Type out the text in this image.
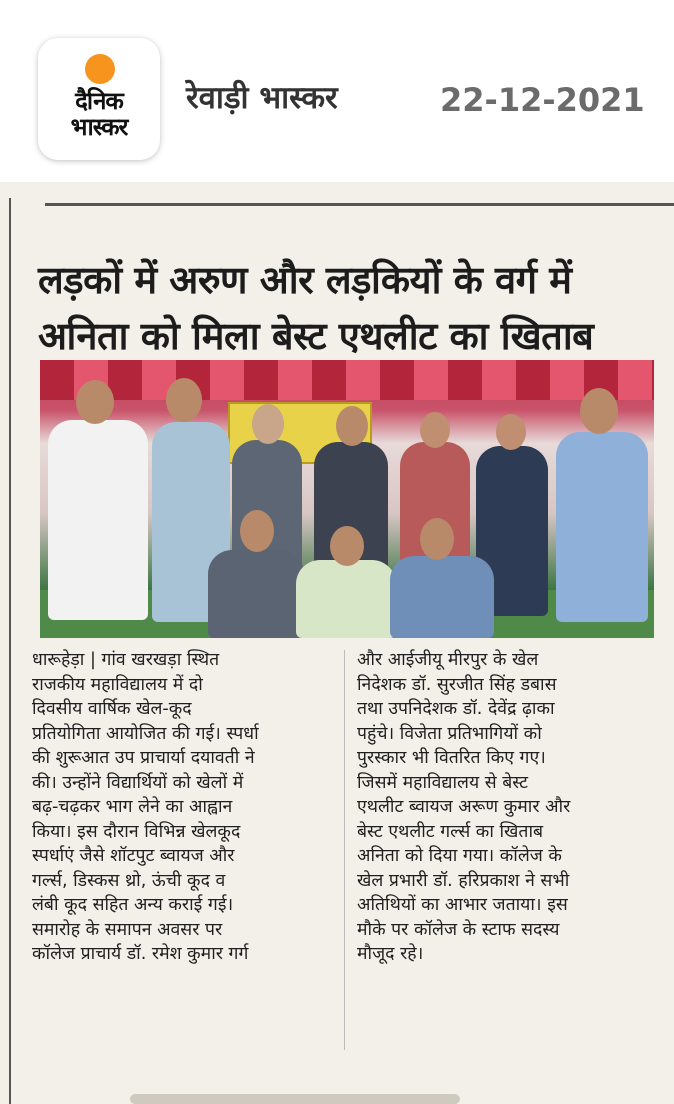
दैनिक
भास्कर
रेवाड़ी भास्कर	22-12-2021
लड़कों में अरुण और लड़कियों के वर्ग में
अनिता को मिला बेस्ट एथलीट का खिताब
धारूहेड़ा | गांव खरखड़ा स्थित
राजकीय महाविद्यालय में दो
दिवसीय वार्षिक खेल-कूद
प्रतियोगिता आयोजित की गई। स्पर्धा
की शुरूआत उप प्राचार्या दयावती ने
की। उन्होंने विद्यार्थियों को खेलों में
बढ़-चढ़कर भाग लेने का आह्वान
किया। इस दौरान विभिन्न खेलकूद
स्पर्धाएं जैसे शॉटपुट ब्वायज और
गर्ल्स, डिस्कस थ्रो, ऊंची कूद व
लंबी कूद सहित अन्य कराई गई।
समारोह के समापन अवसर पर
कॉलेज प्राचार्य डॉ. रमेश कुमार गर्ग
और आईजीयू मीरपुर के खेल
निदेशक डॉ. सुरजीत सिंह डबास
तथा उपनिदेशक डॉ. देवेंद्र ढ़ाका
पहुंचे। विजेता प्रतिभागियों को
पुरस्कार भी वितरित किए गए।
जिसमें महाविद्यालय से बेस्ट
एथलीट ब्वायज अरूण कुमार और
बेस्ट एथलीट गर्ल्स का खिताब
अनिता को दिया गया। कॉलेज के
खेल प्रभारी डॉ. हरिप्रकाश ने सभी
अतिथियों का आभार जताया। इस
मौके पर कॉलेज के स्टाफ सदस्य
मौजूद रहे।
